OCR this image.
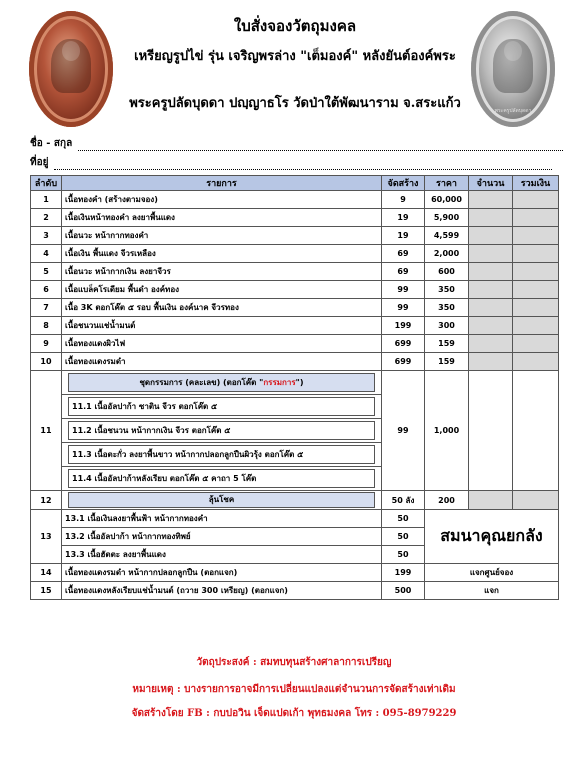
พระครูปลัดบุดดา
ใบสั่งจองวัตถุมงคล
เหรียญรูปไข่ รุ่น เจริญพรล่าง "เต็มองค์" หลังยันต์องค์พระ
พระครูปลัดบุดดา ปญฺญาธโร วัดป่าใต้พัฒนาราม จ.สระแก้ว
ชื่อ - สกุล
ที่อยู่
ลำดับ	รายการ	จัดสร้าง	ราคา	จำนวน	รวมเงิน
1	เนื้อทองคำ (สร้างตามจอง)	9	60,000		
2	เนื้อเงินหน้าทองคำ ลงยาพื้นแดง	19	5,900		
3	เนื้อนวะ หน้ากากทองคำ	19	4,599		
4	เนื้อเงิน พื้นแดง จีวรเหลือง	69	2,000		
5	เนื้อนวะ หน้ากากเงิน ลงยาจีวร	69	600		
6	เนื้อแบล็คโรเดียม พื้นดำ องค์ทอง	99	350		
7	เนื้อ 3K ตอกโค๊ต ๕ รอบ พื้นเงิน องค์นาค จีวรทอง	99	350		
8	เนื้อชนวนแช่น้ำมนต์	199	300		
9	เนื้อทองแดงผิวไฟ	699	159		
10	เนื้อทองแดงรมดำ	699	159		
11	ชุดกรรมการ (คละเลข) (ตอกโค๊ต "กรรมการ")	99	1,000		

	11.1 เนื้ออัลปาก้า ซาติน จีวร ตอกโค๊ต ๕				

	11.2 เนื้อชนวน หน้ากากเงิน จีวร ตอกโค๊ต ๕				

	11.3 เนื้อตะกั่ว ลงยาพื้นขาว หน้ากากปลอกลูกปืนผิวรุ้ง ตอกโค๊ต ๕				

	11.4 เนื้ออัลปาก้าหลังเรียบ ตอกโค๊ต ๕ คาถา 5 โค๊ต				

12	ลุ้นโชค	50 ลัง	200		
13	13.1 เนื้อเงินลงยาพื้นฟ้า หน้ากากทองคำ	50	สมนาคุณยกลัง		
	13.2 เนื้ออัลปาก้า หน้ากากทองทิพย์	50			
	13.3 เนื้อฮัตตะ ลงยาพื้นแดง	50			
14	เนื้อทองแดงรมดำ หน้ากากปลอกลูกปืน (ตอกแจก)	199	แจกศูนย์จอง		
15	เนื้อทองแดงหลังเรียบแช่น้ำมนต์ (ถวาย 300 เหรียญ) (ตอกแจก)	500	แจก		
วัตถุประสงค์ : สมทบทุนสร้างศาลาการเปรียญ
หมายเหตุ : บางรายการอาจมีการเปลี่ยนแปลงแต่จำนวนการจัดสร้างเท่าเดิม
จัดสร้างโดย FB : กบปอวิน เจ็ดแปดเก้า พุทธมงคล โทร : 095-8979229
